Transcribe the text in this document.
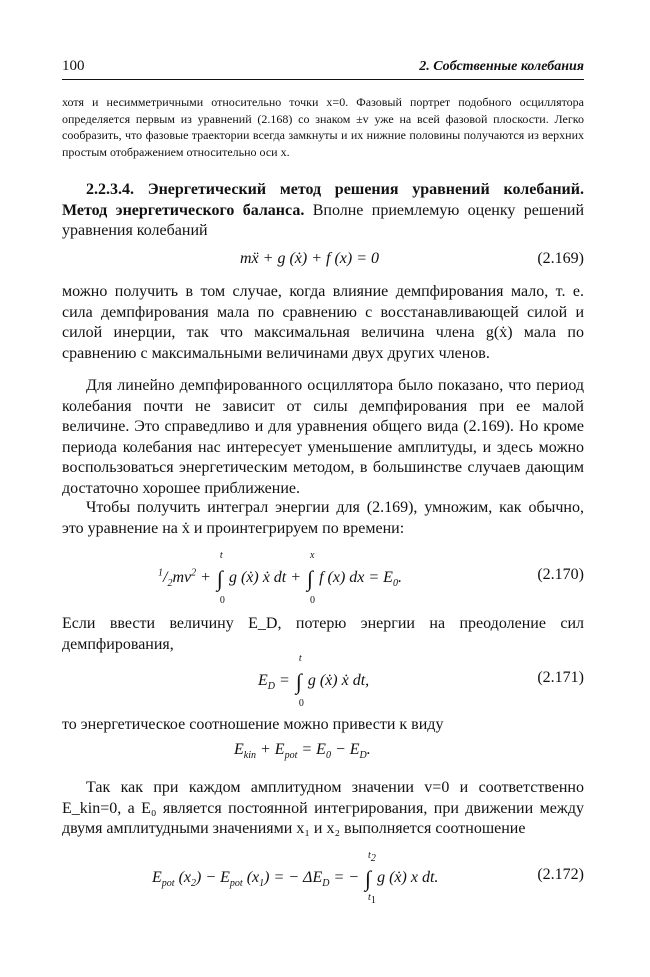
100	2. Собственные колебания
хотя и несимметричными относительно точки x=0. Фазовый портрет подобного осциллятора определяется первым из уравнений (2.168) со знаком ±v уже на всей фазовой плоскости. Легко сообразить, что фазовые траектории всегда замкнуты и их нижние половины получаются из верхних простым отображением относительно оси x.

2.2.3.4. Энергетический метод решения уравнений колебаний. Метод энергетического баланса. Вполне приемлемую оценку решений уравнения колебаний

mẍ + g (ẋ) + f (x) = 0	(2.169)

можно получить в том случае, когда влияние демпфирования мало, т. е. сила демпфирования мала по сравнению с восстанавливающей силой и силой инерции, так что максимальная величина члена g(ẋ) мала по сравнению с максимальными величинами двух других членов.

Для линейно демпфированного осциллятора было показано, что период колебания почти не зависит от силы демпфирования при ее малой величине. Это справедливо и для уравнения общего вида (2.169). Но кроме периода колебания нас интересует уменьшение амплитуды, и здесь можно воспользоваться энергетическим методом, в большинстве случаев дающим достаточно хорошее приближение.

Чтобы получить интеграл энергии для (2.169), умножим, как обычно, это уравнение на ẋ и проинтегрируем по времени:

$^1/_2mv^2$ + ∫
t
0
g (ẋ) ẋ dt + ∫
x
0
f (x) dx = $E_0$.	(2.170)

Если ввести величину E_D, потерю энергии на преодоление сил демпфирования,

$E_D$ = ∫
t
0
g (ẋ) ẋ dt,	(2.171)

то энергетическое соотношение можно привести к виду

$E_{kin} + E_{pot} = E_0 - E_D$.

Так как при каждом амплитудном значении v=0 и соответственно E_kin=0, а E₀ является постоянной интегрирования, при движении между двумя амплитудными значениями x₁ и x₂ выполняется соотношение

$E_{pot}$ $(x_2) - E_{pot}$ $(x_1)$ = − $\Delta E_D$ = − ∫
$t_2$
$t_1$
g (ẋ) x dt.	(2.172)
